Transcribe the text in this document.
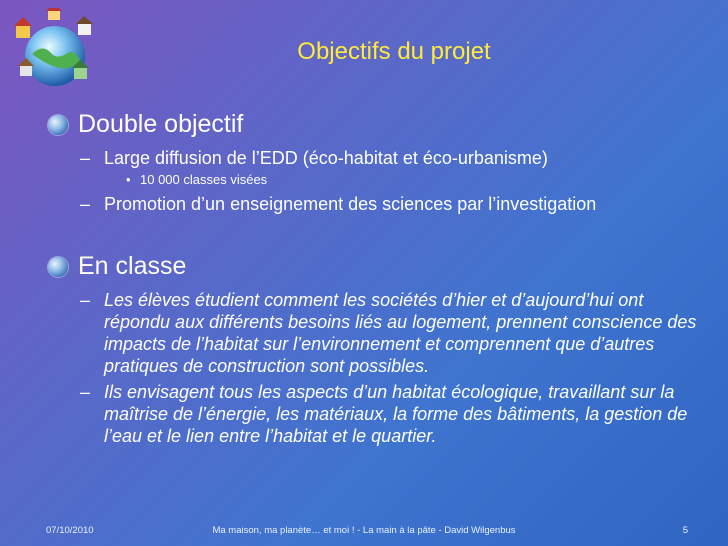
Objectifs du projet
Double objectif
– Large diffusion de l’EDD (éco-habitat et éco-urbanisme)
• 10 000 classes visées
– Promotion d’un enseignement des sciences par l’investigation
En classe
– Les élèves étudient comment les sociétés d’hier et d’aujourd’hui ont répondu aux différents besoins liés au logement, prennent conscience des impacts de l’habitat sur l’environnement et comprennent que d’autres pratiques de construction sont possibles.
– Ils envisagent tous les aspects d’un habitat écologique, travaillant sur la maîtrise de l’énergie, les matériaux, la forme des bâtiments, la gestion de l’eau et le lien entre l’habitat et le quartier.
07/10/2010	Ma maison, ma planète… et moi ! - La main à la pâte - David Wilgenbus	5
